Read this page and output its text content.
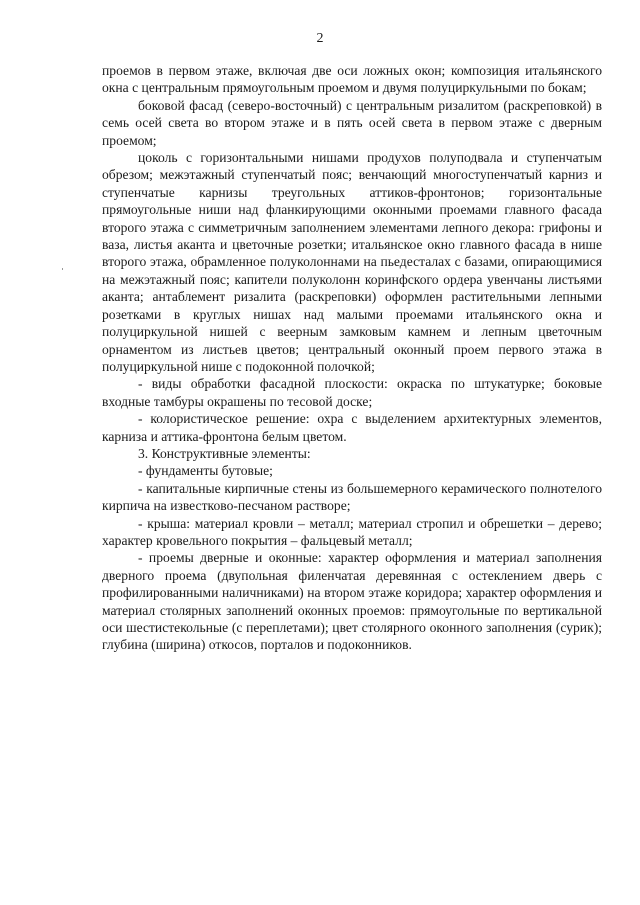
2

проемов в первом этаже, включая две оси ложных окон; композиция итальянского окна с центральным прямоугольным проемом и двумя полуциркульными по бокам;

боковой фасад (северо-восточный) с центральным ризалитом (раскреповкой) в семь осей света во втором этаже и в пять осей света в первом этаже с дверным проемом;

цоколь с горизонтальными нишами продухов полуподвала и ступенчатым обрезом; межэтажный ступенчатый пояс; венчающий многоступенчатый карниз и ступенчатые карнизы треугольных аттиков-фронтонов; горизонтальные прямоугольные ниши над фланкирующими оконными проемами главного фасада второго этажа с симметричным заполнением элементами лепного декора: грифоны и ваза, листья аканта и цветочные розетки; итальянское окно главного фасада в нише второго этажа, обрамленное полуколоннами на пьедесталах с базами, опирающимися на межэтажный пояс; капители полуколонн коринфского ордера увенчаны листьями аканта; антаблемент ризалита (раскреповки) оформлен растительными лепными розетками в круглых нишах над малыми проемами итальянского окна и полуциркульной нишей с веерным замковым камнем и лепным цветочным орнаментом из листьев цветов; центральный оконный проем первого этажа в полуциркульной нише с подоконной полочкой;

- виды обработки фасадной плоскости: окраска по штукатурке; боковые входные тамбуры окрашены по тесовой доске;

- колористическое решение: охра с выделением архитектурных элементов, карниза и аттика-фронтона белым цветом.

3. Конструктивные элементы:

- фундаменты бутовые;

- капитальные кирпичные стены из большемерного керамического полнотелого кирпича на известково-песчаном растворе;

- крыша: материал кровли – металл; материал стропил и обрешетки – дерево; характер кровельного покрытия – фальцевый металл;

- проемы дверные и оконные: характер оформления и материал заполнения дверного проема (двупольная филенчатая деревянная с остеклением дверь с профилированными наличниками) на втором этаже коридора; характер оформления и материал столярных заполнений оконных проемов: прямоугольные по вертикальной оси шестистекольные (с переплетами); цвет столярного оконного заполнения (сурик); глубина (ширина) откосов, порталов и подоконников.
